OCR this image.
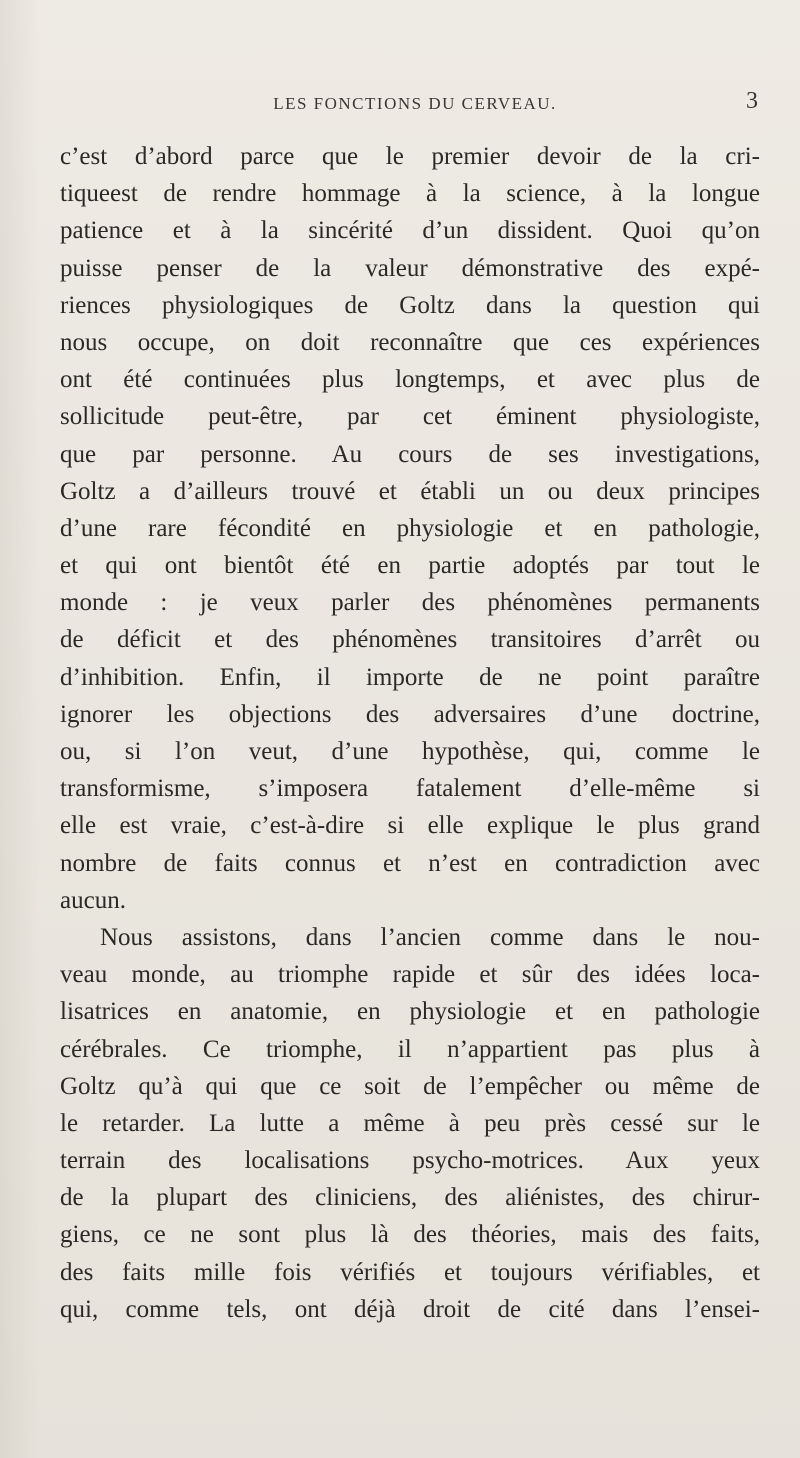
LES FONCTIONS DU CERVEAU.	3
c’est d’abord parce que le premier devoir de la cri-
tiqueest de rendre hommage à la science, à la longue
patience et à la sincérité d’un dissident. Quoi qu’on
puisse penser de la valeur démonstrative des expé-
riences physiologiques de Goltz dans la question qui
nous occupe, on doit reconnaître que ces expériences
ont été continuées plus longtemps, et avec plus de
sollicitude peut-être, par cet éminent physiologiste,
que par personne. Au cours de ses investigations,
Goltz a d’ailleurs trouvé et établi un ou deux principes
d’une rare fécondité en physiologie et en pathologie,
et qui ont bientôt été en partie adoptés par tout le
monde : je veux parler des phénomènes permanents
de déficit et des phénomènes transitoires d’arrêt ou
d’inhibition. Enfin, il importe de ne point paraître
ignorer les objections des adversaires d’une doctrine,
ou, si l’on veut, d’une hypothèse, qui, comme le
transformisme, s’imposera fatalement d’elle-même si
elle est vraie, c’est-à-dire si elle explique le plus grand
nombre de faits connus et n’est en contradiction avec
aucun.
Nous assistons, dans l’ancien comme dans le nou-
veau monde, au triomphe rapide et sûr des idées loca-
lisatrices en anatomie, en physiologie et en pathologie
cérébrales. Ce triomphe, il n’appartient pas plus à
Goltz qu’à qui que ce soit de l’empêcher ou même de
le retarder. La lutte a même à peu près cessé sur le
terrain des localisations psycho-motrices. Aux yeux
de la plupart des cliniciens, des aliénistes, des chirur-
giens, ce ne sont plus là des théories, mais des faits,
des faits mille fois vérifiés et toujours vérifiables, et
qui, comme tels, ont déjà droit de cité dans l’ensei-
